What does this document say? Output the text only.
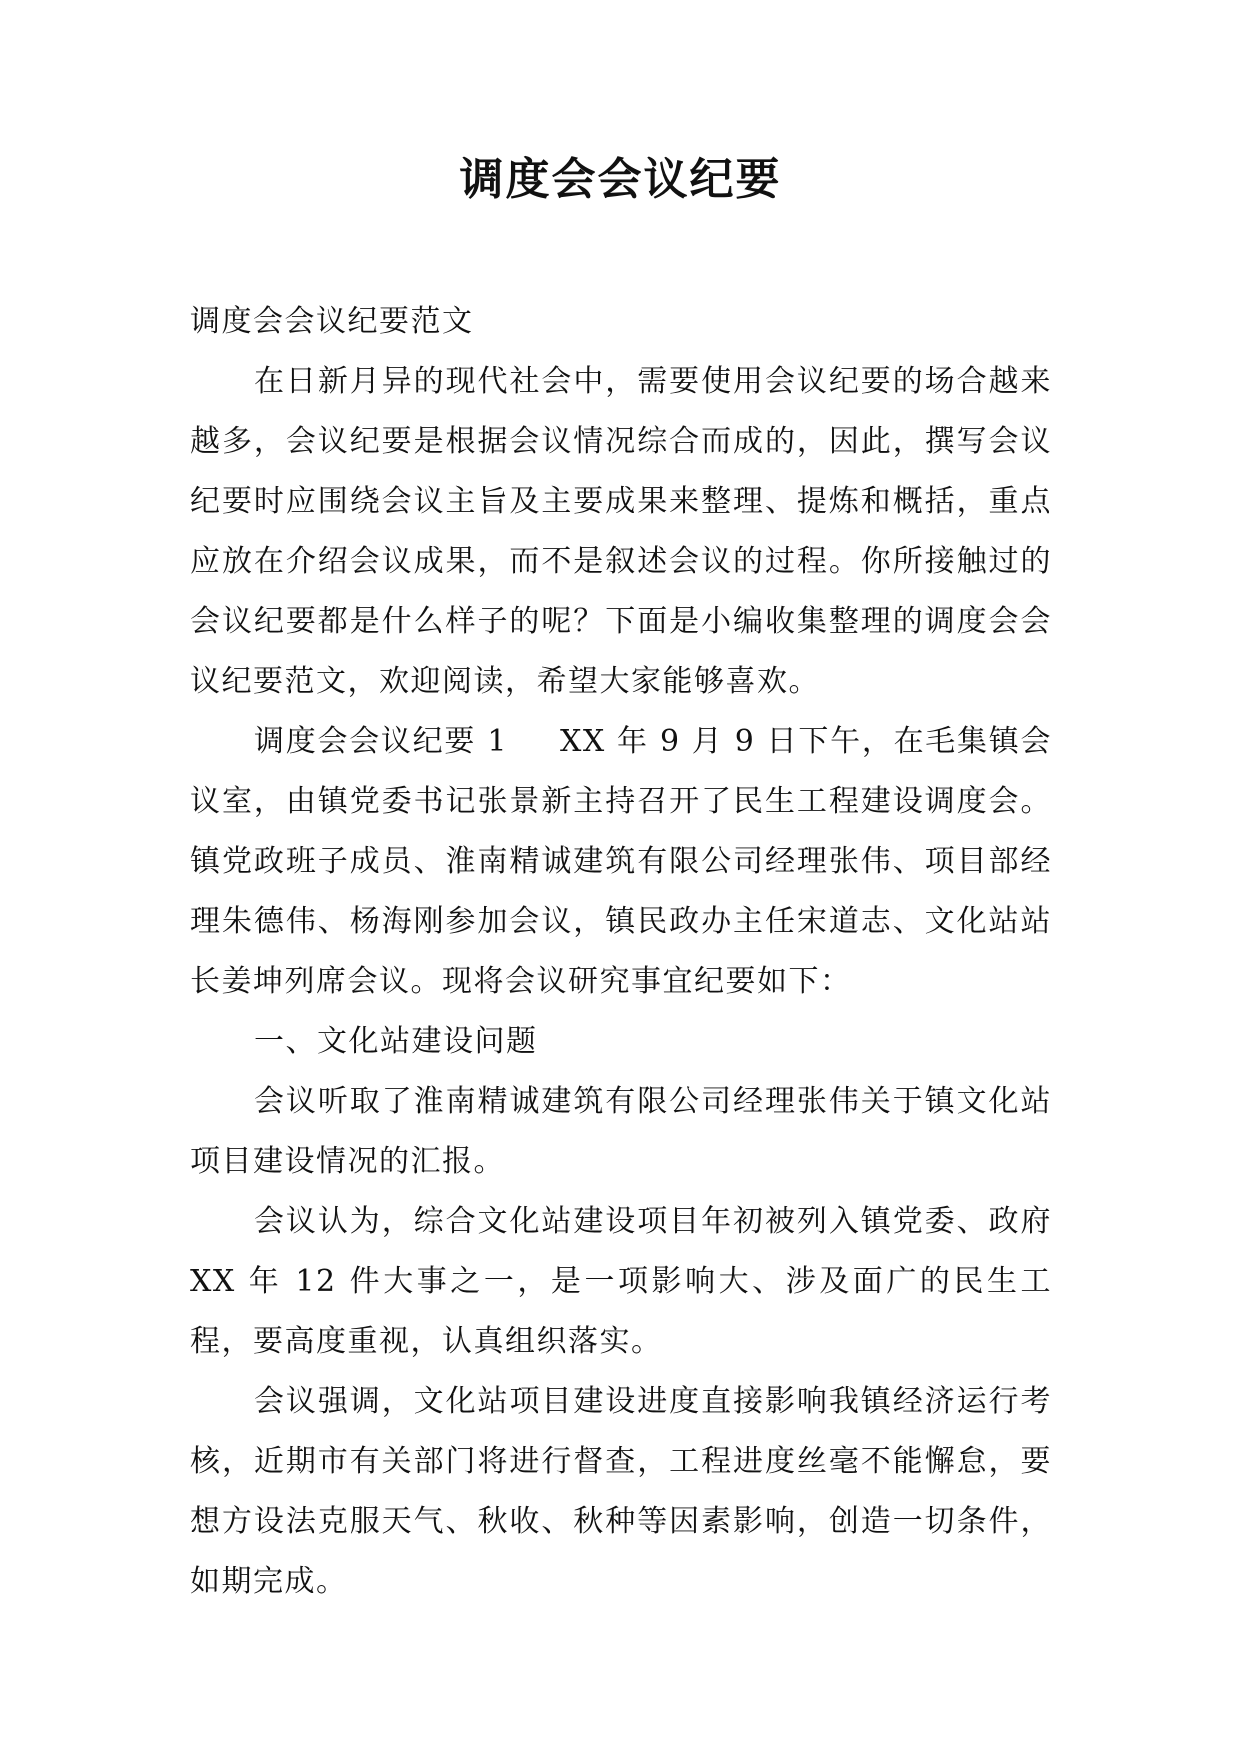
调度会会议纪要

调度会会议纪要范文

在日新月异的现代社会中，需要使用会议纪要的场合越来越多，会议纪要是根据会议情况综合而成的，因此，撰写会议纪要时应围绕会议主旨及主要成果来整理、提炼和概括，重点应放在介绍会议成果，而不是叙述会议的过程。你所接触过的会议纪要都是什么样子的呢？下面是小编收集整理的调度会会议纪要范文，欢迎阅读，希望大家能够喜欢。

调度会会议纪要 1 XX 年 9 月 9 日下午，在毛集镇会议室，由镇党委书记张景新主持召开了民生工程建设调度会。镇党政班子成员、淮南精诚建筑有限公司经理张伟、项目部经理朱德伟、杨海刚参加会议，镇民政办主任宋道志、文化站站长姜坤列席会议。现将会议研究事宜纪要如下：

一、文化站建设问题

会议听取了淮南精诚建筑有限公司经理张伟关于镇文化站项目建设情况的汇报。

会议认为，综合文化站建设项目年初被列入镇党委、政府 XX 年 12 件大事之一，是一项影响大、涉及面广的民生工程，要高度重视，认真组织落实。

会议强调，文化站项目建设进度直接影响我镇经济运行考核，近期市有关部门将进行督查，工程进度丝毫不能懈怠，要想方设法克服天气、秋收、秋种等因素影响，创造一切条件，如期完成。
